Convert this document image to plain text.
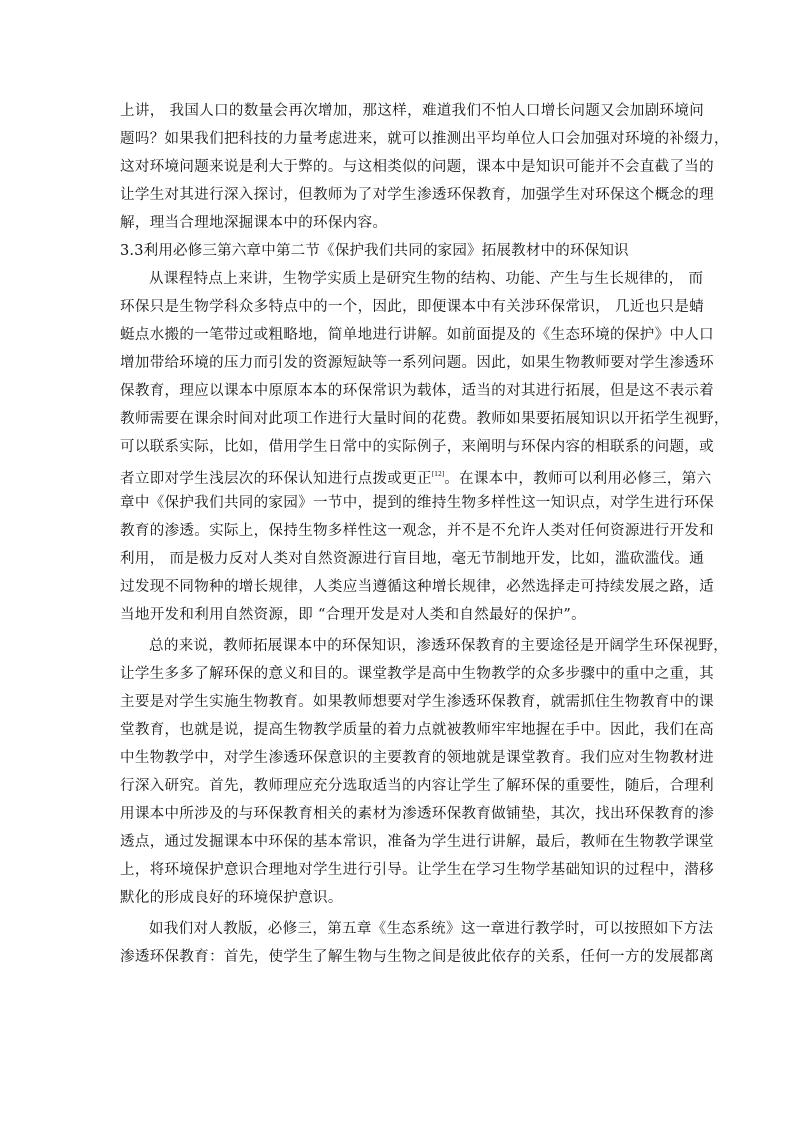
上讲， 我国人口的数量会再次增加，那这样，难道我们不怕人口增长问题又会加剧环境问
题吗？如果我们把科技的力量考虑进来，就可以推测出平均单位人口会加强对环境的补缀力，
这对环境问题来说是利大于弊的。与这相类似的问题，课本中是知识可能并不会直截了当的
让学生对其进行深入探讨，但教师为了对学生渗透环保教育，加强学生对环保这个概念的理
解，理当合理地深掘课本中的环保内容。
3.3利用必修三第六章中第二节《保护我们共同的家园》拓展教材中的环保知识
从课程特点上来讲，生物学实质上是研究生物的结构、功能、产生与生长规律的， 而
环保只是生物学科众多特点中的一个，因此，即便课本中有关涉环保常识， 几近也只是蜻
蜓点水搬的一笔带过或粗略地，简单地进行讲解。如前面提及的《生态环境的保护》中人口
增加带给环境的压力而引发的资源短缺等一系列问题。因此，如果生物教师要对学生渗透环
保教育，理应以课本中原原本本的环保常识为载体，适当的对其进行拓展，但是这不表示着
教师需要在课余时间对此项工作进行大量时间的花费。教师如果要拓展知识以开拓学生视野，
可以联系实际，比如，借用学生日常中的实际例子，来阐明与环保内容的相联系的问题，或
者立即对学生浅层次的环保认知进行点拨或更正[12]。在课本中，教师可以利用必修三，第六
章中《保护我们共同的家园》一节中，提到的维持生物多样性这一知识点，对学生进行环保
教育的渗透。实际上，保持生物多样性这一观念，并不是不允许人类对任何资源进行开发和
利用， 而是极力反对人类对自然资源进行盲目地，毫无节制地开发，比如，滥砍滥伐。通
过发现不同物种的增长规律，人类应当遵循这种增长规律，必然选择走可持续发展之路，适
当地开发和利用自然资源，即 “合理开发是对人类和自然最好的保护”。
总的来说，教师拓展课本中的环保知识，渗透环保教育的主要途径是开阔学生环保视野，
让学生多多了解环保的意义和目的。课堂教学是高中生物教学的众多步骤中的重中之重，其
主要是对学生实施生物教育。如果教师想要对学生渗透环保教育，就需抓住生物教育中的课
堂教育，也就是说，提高生物教学质量的着力点就被教师牢牢地握在手中。因此，我们在高
中生物教学中，对学生渗透环保意识的主要教育的领地就是课堂教育。我们应对生物教材进
行深入研究。首先，教师理应充分选取适当的内容让学生了解环保的重要性，随后，合理利
用课本中所涉及的与环保教育相关的素材为渗透环保教育做铺垫，其次，找出环保教育的渗
透点，通过发掘课本中环保的基本常识，准备为学生进行讲解，最后，教师在生物教学课堂
上，将环境保护意识合理地对学生进行引导。让学生在学习生物学基础知识的过程中，潜移
默化的形成良好的环境保护意识。
如我们对人教版，必修三，第五章《生态系统》这一章进行教学时，可以按照如下方法
渗透环保教育：首先，使学生了解生物与生物之间是彼此依存的关系，任何一方的发展都离
